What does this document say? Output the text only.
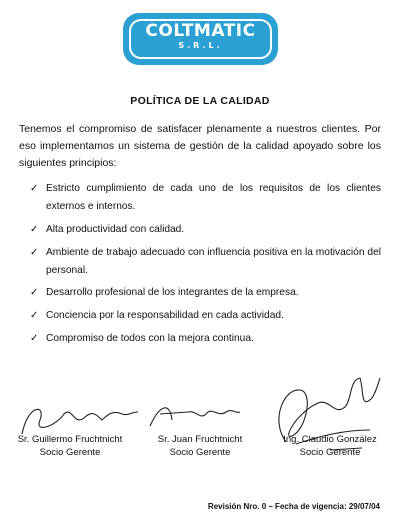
COLTMATIC
S.R.L.
POLÍTICA DE LA CALIDAD
Tenemos el compromiso de satisfacer plenamente a nuestros clientes. Por eso implementamos un sistema de gestión de la calidad apoyado sobre los siguientes principios:
✓ Estricto cumplimiento de cada uno de los requisitos de los clientes externos e internos.
✓ Alta productividad con calidad.
✓ Ambiente de trabajo adecuado con influencia positiva en la motivación del personal.
✓ Desarrollo profesional de los integrantes de la empresa.
✓ Conciencia por la responsabilidad en cada actividad.
✓ Compromiso de todos con la mejora continua.
Sr. Guillermo Fruchtnicht
Socio Gerente
Sr. Juan Fruchtnicht
Socio Gerente
Ing. Claudio González
Socio Gerente
Revisión Nro. 0 – Fecha de vigencia: 29/07/04
